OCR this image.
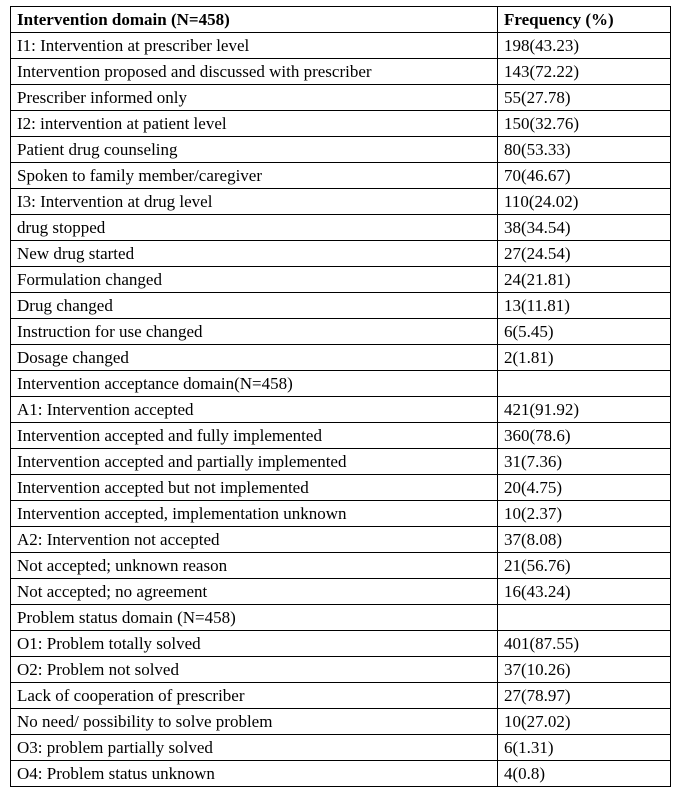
Intervention domain (N=458)	Frequency (%)
I1: Intervention at prescriber level	198(43.23)
Intervention proposed and discussed with prescriber	143(72.22)
Prescriber informed only	55(27.78)
I2: intervention at patient level	150(32.76)
Patient drug counseling	80(53.33)
Spoken to family member/caregiver	70(46.67)
I3: Intervention at drug level	110(24.02)
drug stopped	38(34.54)
New drug started	27(24.54)
Formulation changed	24(21.81)
Drug changed	13(11.81)
Instruction for use changed	6(5.45)
Dosage changed	2(1.81)
Intervention acceptance domain(N=458)	
A1: Intervention accepted	421(91.92)
Intervention accepted and fully implemented	360(78.6)
Intervention accepted and partially implemented	31(7.36)
Intervention accepted but not implemented	20(4.75)
Intervention accepted, implementation unknown	10(2.37)
A2: Intervention not accepted	37(8.08)
Not accepted; unknown reason	21(56.76)
Not accepted; no agreement	16(43.24)
Problem status domain (N=458)	
O1: Problem totally solved	401(87.55)
O2: Problem not solved	37(10.26)
Lack of cooperation of prescriber	27(78.97)
No need/ possibility to solve problem	10(27.02)
O3: problem partially solved	6(1.31)
O4: Problem status unknown	4(0.8)
